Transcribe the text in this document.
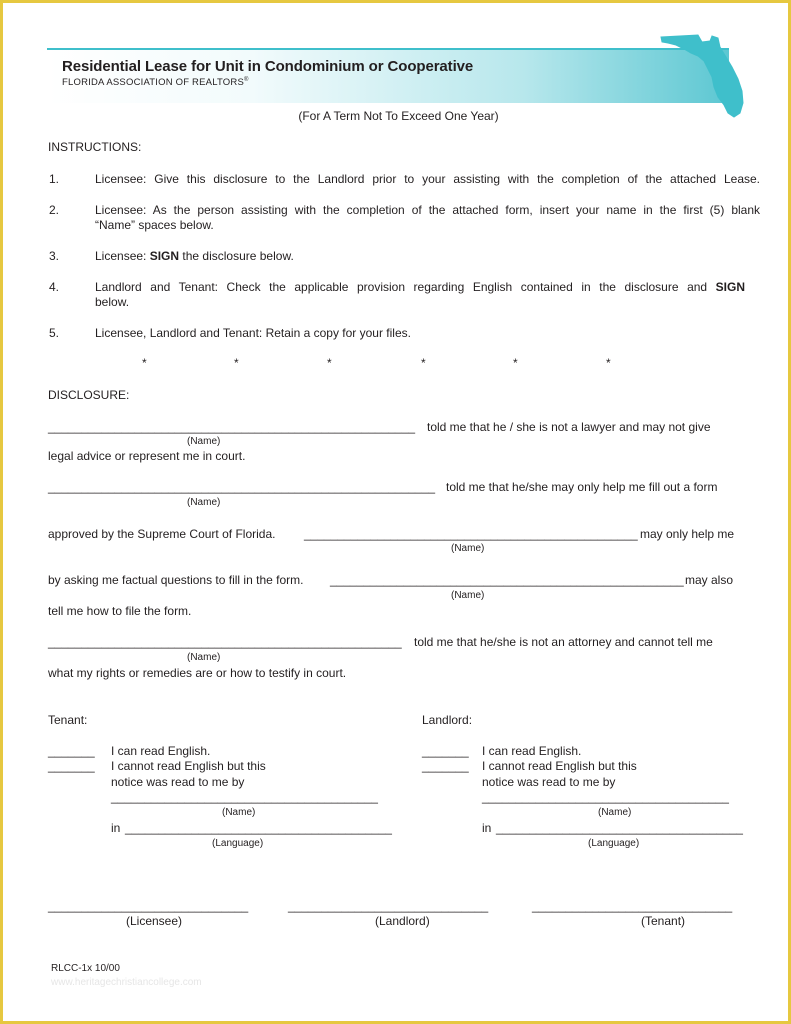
Residential Lease for Unit in Condominium or Cooperative
FLORIDA ASSOCIATION OF REALTORS®
(For A Term Not To Exceed One Year)
INSTRUCTIONS:
1.	Licensee: Give this disclosure to the Landlord prior to your assisting with the completion of the attached Lease.
2.	Licensee: As the person assisting with the completion of the attached form, insert your name in the first (5) blank
“Name” spaces below.
3.	Licensee: SIGN the disclosure below.
4.	Landlord and Tenant: Check the applicable provision regarding English contained in the disclosure and SIGN
below.
5.	Licensee, Landlord and Tenant: Retain a copy for your files.
*	*	*	*	*	*
DISCLOSURE:
_______________________________________________________ told me that he / she is not a lawyer and may not give
(Name)
legal advice or represent me in court.
__________________________________________________________ told me that he/she may only help me fill out a form
(Name)
approved by the Supreme Court of Florida. __________________________________________________ may only help me
(Name)
by asking me factual questions to fill in the form. _____________________________________________________ may also
(Name)
tell me how to file the form.
_____________________________________________________ told me that he/she is not an attorney and cannot tell me
(Name)
what my rights or remedies are or how to testify in court.
Tenant:
_______ I can read English.
_______ I cannot read English but this
notice was read to me by
________________________________________
(Name)
in ________________________________________
(Language)
Landlord:
_______ I can read English.
_______ I cannot read English but this
notice was read to me by
_____________________________________
(Name)
in _____________________________________
(Language)
______________________________
(Licensee)
______________________________
(Landlord)
______________________________
(Tenant)
RLCC-1x 10/00
www.heritagechristiancollege.com
